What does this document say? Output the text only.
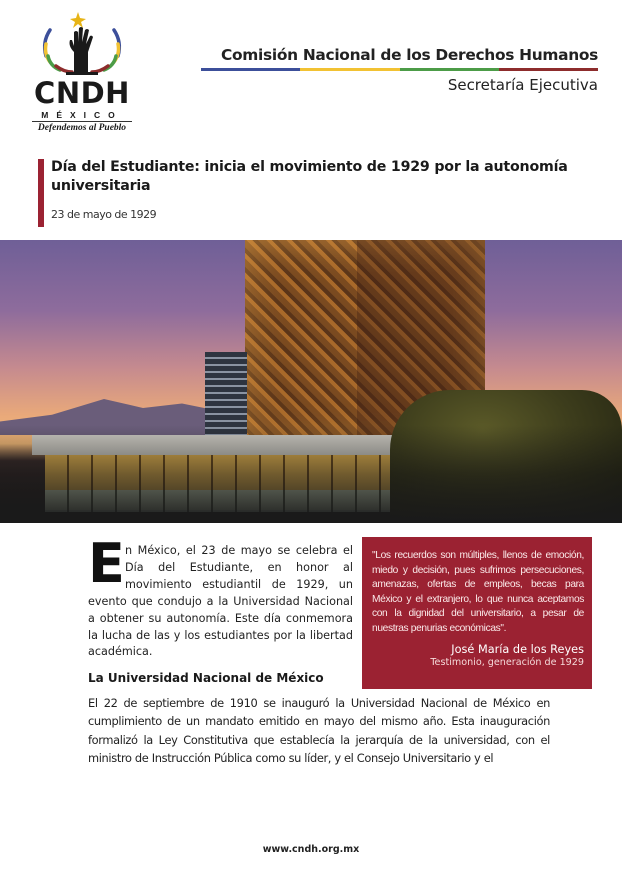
CNDH
MÉXICO
Defendemos al Pueblo
Comisión Nacional de los Derechos Humanos
Secretaría Ejecutiva
Día del Estudiante: inicia el movimiento de 1929 por la autonomía universitaria
23 de mayo de 1929
E n México, el 23 de mayo se celebra el Día del Estudiante, en honor al movimiento estudiantil de 1929, un evento que condujo a la Universidad Nacional a obtener su autonomía. Este día conmemora la lucha de las y los estudiantes por la libertad académica.
"Los recuerdos son múltiples, llenos de emoción, miedo y decisión, pues sufrimos persecuciones, amenazas, ofertas de empleos, becas para México y el extranjero, lo que nunca aceptamos con la dignidad del universitario, a pesar de nuestras penurias económicas".
José María de los Reyes
Testimonio, generación de 1929
La Universidad Nacional de México
El 22 de septiembre de 1910 se inauguró la Universidad Nacional de México en cumplimiento de un mandato emitido en mayo del mismo año. Esta inauguración formalizó la Ley Constitutiva que establecía la jerarquía de la universidad, con el ministro de Instrucción Pública como su líder, y el Consejo Universitario y el
www.cndh.org.mx
